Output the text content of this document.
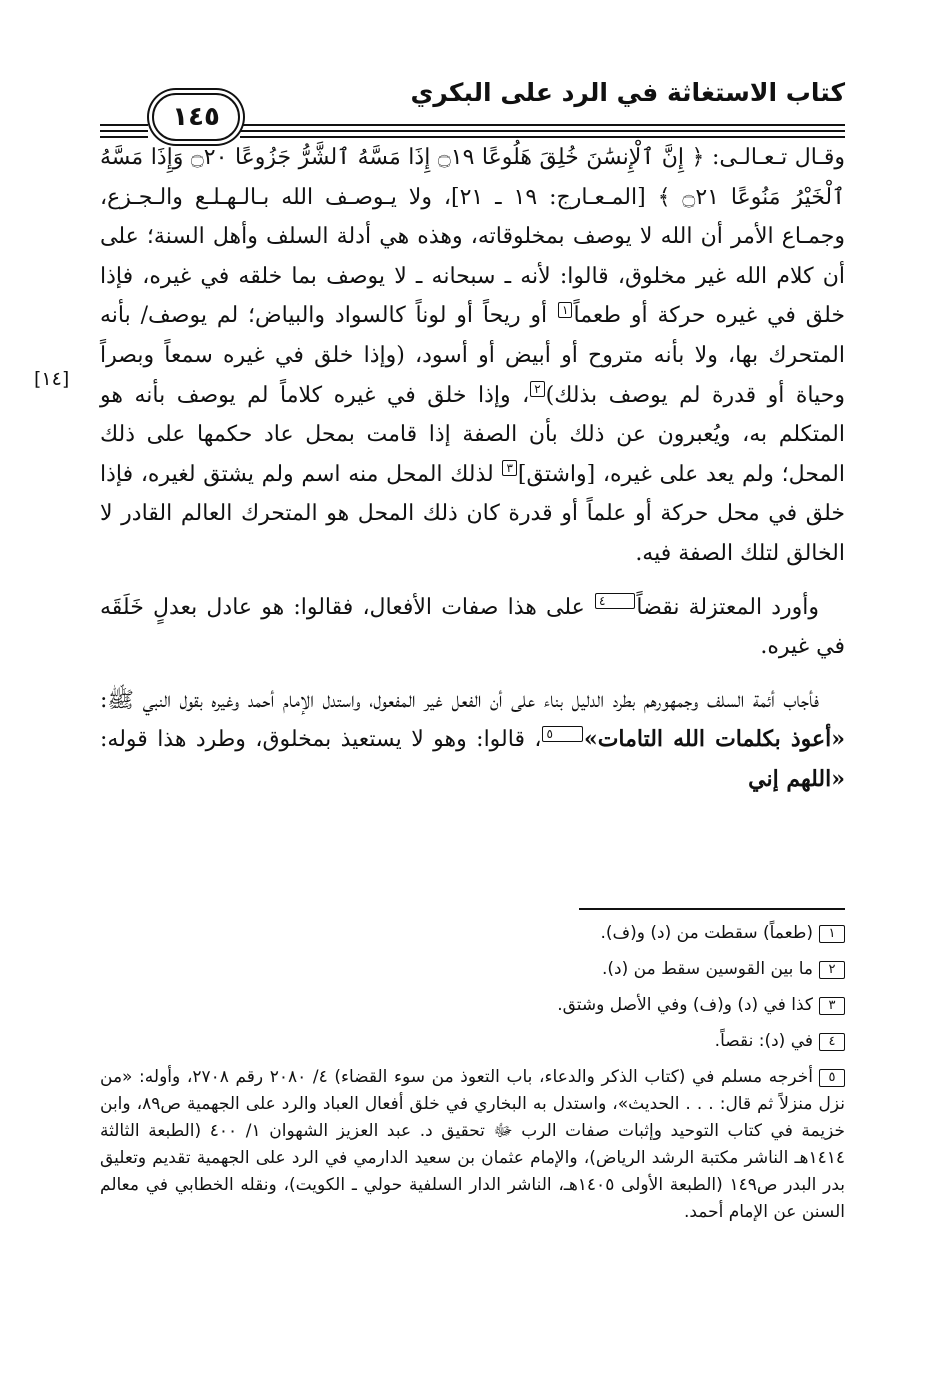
كتاب الاستغاثة في الرد على البكري
١٤٥
[١٤]

وقـال تـعـالـى: ﴿ إِنَّ ٱلْإِنسَٰنَ خُلِقَ هَلُوعًا ۝١٩ إِذَا مَسَّهُ ٱلشَّرُّ جَزُوعًا ۝٢٠ وَإِذَا مَسَّهُ ٱلْخَيْرُ مَنُوعًا ۝٢١ ﴾ [المـعـارج: ١٩ ـ ٢١]، ولا يـوصـف الله بـالـهـلـع والـجـزع، وجمـاع الأمر أن الله لا يوصف بمخلوقاته، وهذه هي أدلة السلف وأهل السنة؛ على أن كلام الله غير مخلوق، قالوا: لأنه ـ سبحانه ـ لا يوصف بما خلقه في غيره، فإذا خلق في غيره حركة أو طعماً١ أو ريحاً أو لوناً كالسواد والبياض؛ لم يوصف/ بأنه المتحرك بها، ولا بأنه متروح أو أبيض أو أسود، (وإذا خلق في غيره سمعاً وبصراً وحياة أو قدرة لم يوصف بذلك)٢، وإذا خلق في غيره كلاماً لم يوصف بأنه هو المتكلم به، ويُعبرون عن ذلك بأن الصفة إذا قامت بمحل عاد حكمها على ذلك المحل؛ ولم يعد على غيره، [واشتق]٣ لذلك المحل منه اسم ولم يشتق لغيره، فإذا خلق في محل حركة أو علماً أو قدرة كان ذلك المحل هو المتحرك العالم القادر لا الخالق لتلك الصفة فيه.

وأورد المعتزلة نقضاً٤ على هذا صفات الأفعال، فقالوا: هو عادل بعدلٍ خَلَقَه في غيره.

فأجاب أئمة السلف وجمهورهم بطرد الدليل بناء على أن الفعل غير المفعول، واستدل الإمام أحمد وغيره بقول النبي ﷺ: «أعوذ بكلمات الله التامات»٥، قالوا: وهو لا يستعيذ بمخلوق، وطرد هذا قوله: «اللهم إني

١(طعماً) سقطت من (د) و(ف).

٢ما بين القوسين سقط من (د).

٣كذا في (د) و(ف) وفي الأصل وشتق.

٤في (د): نقصاً.

٥أخرجه مسلم في (كتاب الذكر والدعاء، باب التعوذ من سوء القضاء) ٤/ ٢٠٨٠ رقم ٢٧٠٨، وأوله: «من نزل منزلاً ثم قال: . . . الحديث»، واستدل به البخاري في خلق أفعال العباد والرد على الجهمية ص٨٩، وابن خزيمة في كتاب التوحيد وإثبات صفات الرب ﷻ تحقيق د. عبد العزيز الشهوان ١/ ٤٠٠ (الطبعة الثالثة ١٤١٤هـ الناشر مكتبة الرشد الرياض)، والإمام عثمان بن سعيد الدارمي في الرد على الجهمية تقديم وتعليق بدر البدر ص١٤٩ (الطبعة الأولى ١٤٠٥هـ، الناشر الدار السلفية حولي ـ الكويت)، ونقله الخطابي في معالم السنن عن الإمام أحمد.
